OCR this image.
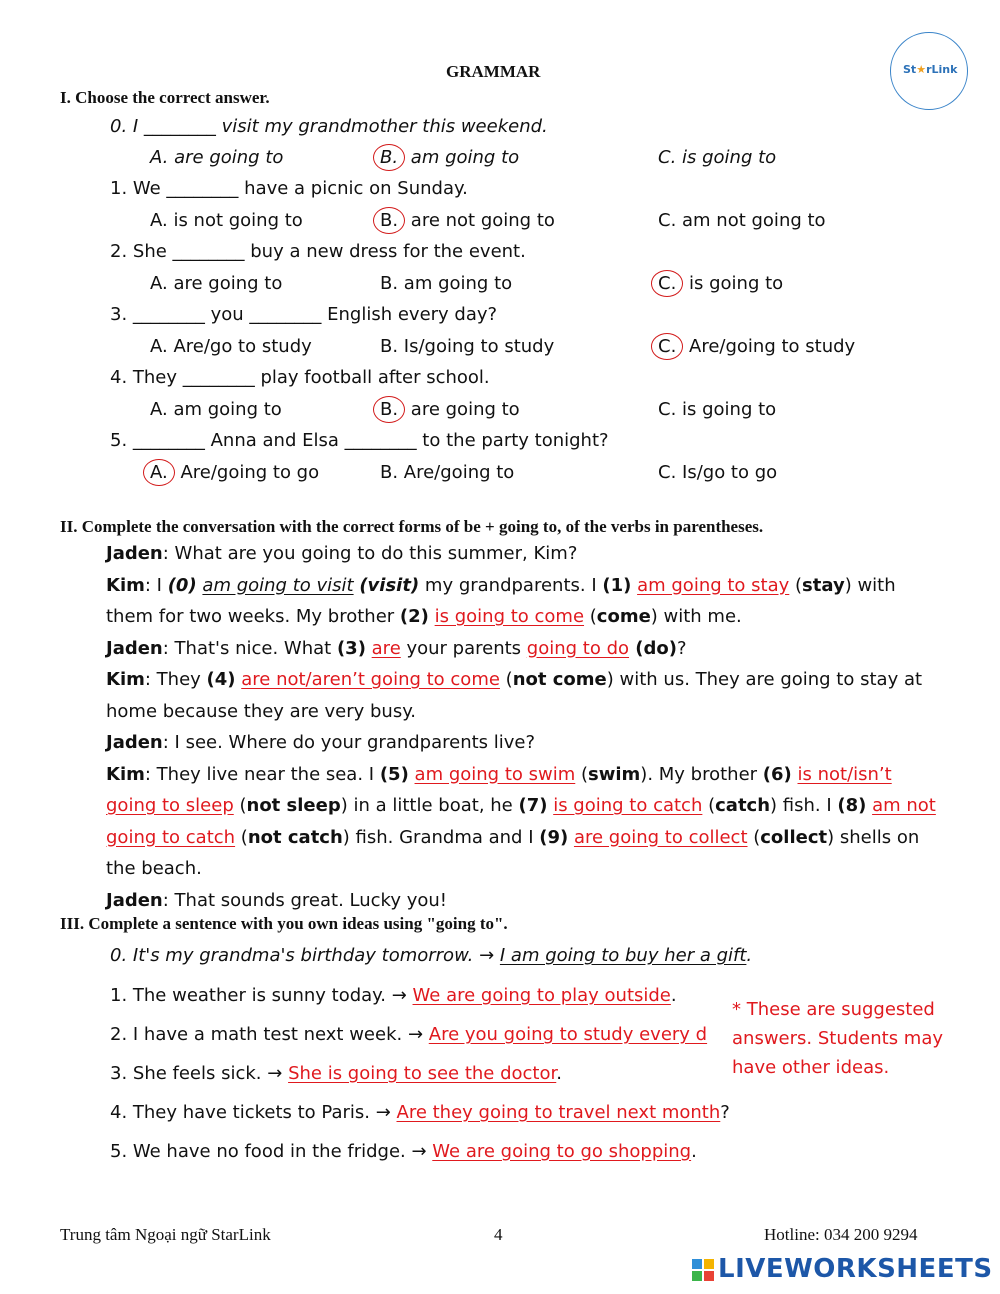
St★rLink
GRAMMAR
I. Choose the correct answer.
0. I ________ visit my grandmother this weekend.
A. are going to	B. am going to	C. is going to
1. We ________ have a picnic on Sunday.
A. is not going to	B. are not going to	C. am not going to
2. She ________ buy a new dress for the event.
A. are going to	B. am going to	C. is going to
3. ________ you ________ English every day?
A. Are/go to study	B. Is/going to study	C. Are/going to study
4. They ________ play football after school.
A. am going to	B. are going to	C. is going to
5. ________ Anna and Elsa ________ to the party tonight?
A. Are/going to go	B. Are/going to	C. Is/go to go
II. Complete the conversation with the correct forms of be + going to, of the verbs in parentheses.
Jaden: What are you going to do this summer, Kim?
Kim: I (0) am going to visit (visit) my grandparents. I (1) am going to stay (stay) with them for two weeks. My brother (2) is going to come (come) with me.
Jaden: That's nice. What (3) are your parents going to do (do)?
Kim: They (4) are not/aren’t going to come (not come) with us. They are going to stay at home because they are very busy.
Jaden: I see. Where do your grandparents live?
Kim: They live near the sea. I (5) am going to swim (swim). My brother (6) is not/isn’t going to sleep (not sleep) in a little boat, he (7) is going to catch (catch) fish. I (8) am not going to catch (not catch) fish. Grandma and I (9) are going to collect (collect) shells on the beach.
Jaden: That sounds great. Lucky you!
III. Complete a sentence with you own ideas using "going to".
0. It's my grandma's birthday tomorrow. → I am going to buy her a gift.
1. The weather is sunny today. → We are going to play outside.
2. I have a math test next week. → Are you going to study every d
3. She feels sick. → She is going to see the doctor.
4. They have tickets to Paris. → Are they going to travel next month?
5. We have no food in the fridge. → We are going to go shopping.
* These are suggested answers. Students may have other ideas.
Trung tâm Ngoại ngữ StarLink	4	Hotline: 034 200 9294
LIVEWORKSHEETS
